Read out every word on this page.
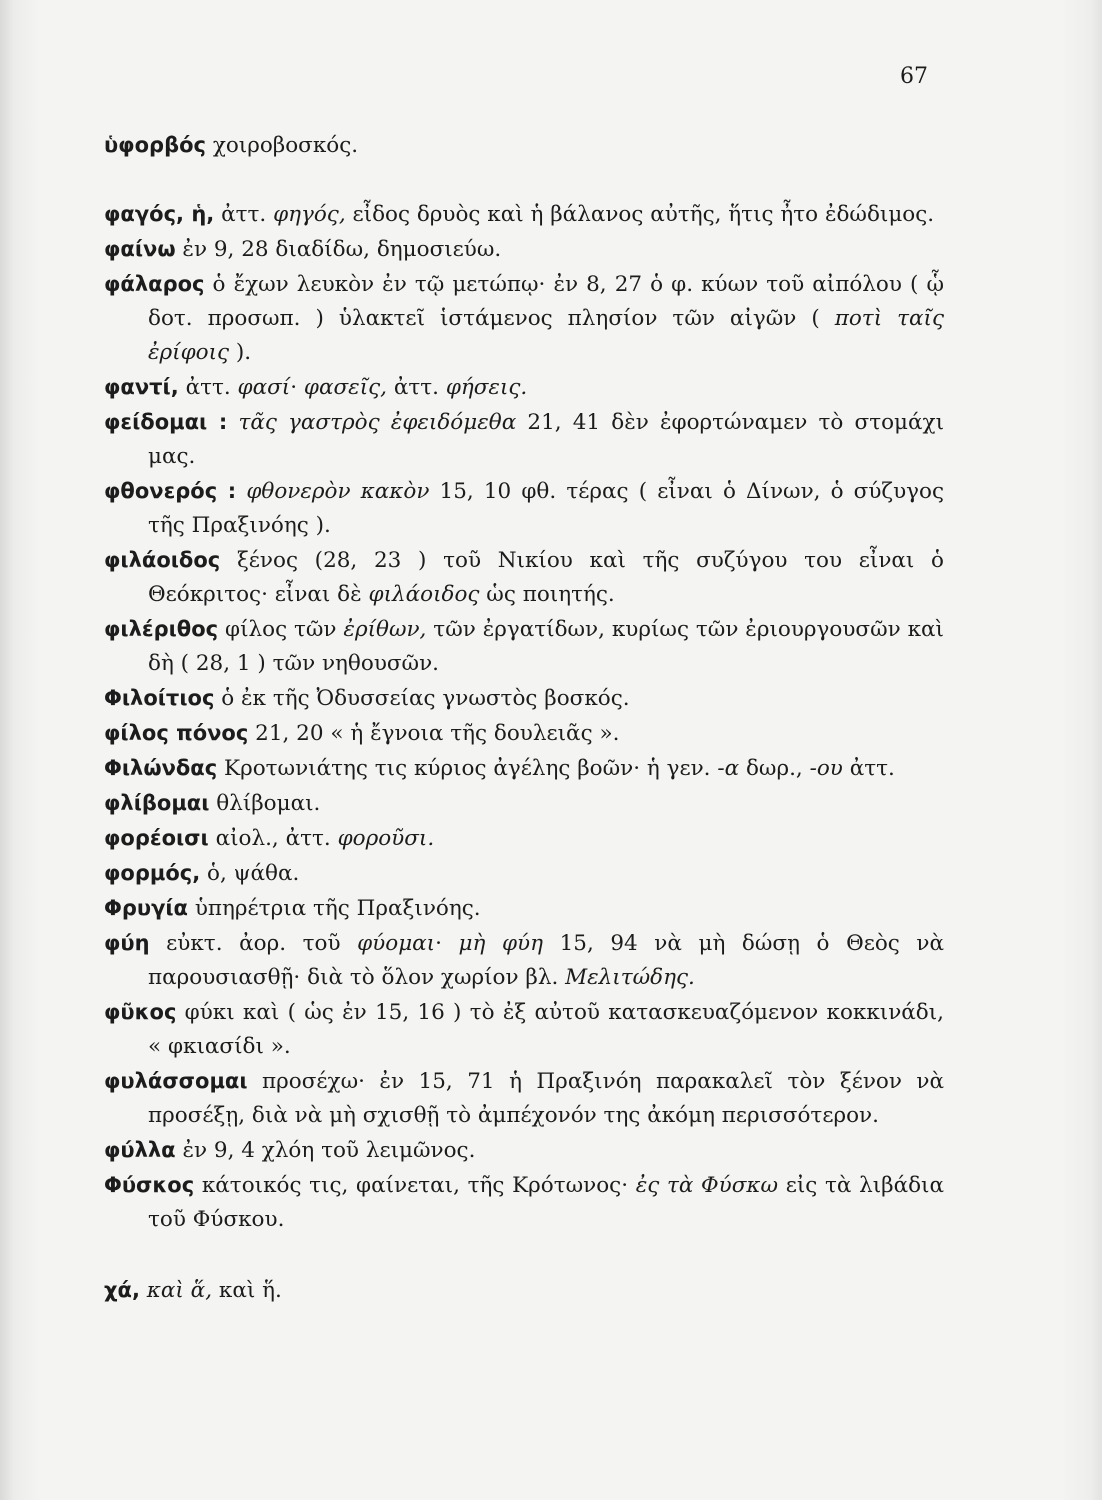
67

ὑφορβός χοιροβοσκός.

φαγός, ἡ, ἀττ. φηγός, εἶδος δρυὸς καὶ ἡ βάλανος αὐτῆς, ἥτις ἦτο ἐδώδιμος.

φαίνω ἐν 9, 28 διαδίδω, δημοσιεύω.

φάλαρος ὁ ἔχων λευκὸν ἐν τῷ μετώπῳ· ἐν 8, 27 ὁ φ. κύων τοῦ αἰπόλου ( ᾧ δοτ. προσωπ. ) ὑλακτεῖ ἱστάμενος πλησίον τῶν αἰγῶν ( ποτὶ ταῖς ἐρίφοις ).

φαντί, ἀττ. φασί· φασεῖς, ἀττ. φήσεις.

φείδομαι : τᾶς γαστρὸς ἐφειδόμεθα 21, 41 δὲν ἐφορτώναμεν τὸ στομάχι μας.

φθονερός : φθονερὸν κακὸν 15, 10 φθ. τέρας ( εἶναι ὁ Δίνων, ὁ σύζυγος τῆς Πραξινόης ).

φιλάοιδος ξένος (28, 23 ) τοῦ Νικίου καὶ τῆς συζύγου του εἶναι ὁ Θεόκριτος· εἶναι δὲ φιλάοιδος ὡς ποιητής.

φιλέριθος φίλος τῶν ἐρίθων, τῶν ἐργατίδων, κυρίως τῶν ἐριουργουσῶν καὶ δὴ ( 28, 1 ) τῶν νηθουσῶν.

Φιλοίτιος ὁ ἐκ τῆς Ὀδυσσείας γνωστὸς βοσκός.

φίλος πόνος 21, 20 « ἡ ἔγνοια τῆς δουλειᾶς ».

Φιλώνδας Κροτωνιάτης τις κύριος ἀγέλης βοῶν· ἡ γεν. -α δωρ., -ου ἀττ.

φλίβομαι θλίβομαι.

φορέοισι αἰολ., ἀττ. φοροῦσι.

φορμός, ὁ, ψάθα.

Φρυγία ὑπηρέτρια τῆς Πραξινόης.

φύη εὐκτ. ἀορ. τοῦ φύομαι· μὴ φύη 15, 94 νὰ μὴ δώσῃ ὁ Θεὸς νὰ παρουσιασθῇ· διὰ τὸ ὅλον χωρίον βλ. Μελιτώδης.

φῦκος φύκι καὶ ( ὡς ἐν 15, 16 ) τὸ ἐξ αὐτοῦ κατασκευαζόμενον κοκκινάδι, « φκιασίδι ».

φυλάσσομαι προσέχω· ἐν 15, 71 ἡ Πραξινόη παρακαλεῖ τὸν ξένον νὰ προσέξῃ, διὰ νὰ μὴ σχισθῇ τὸ ἀμπέχονόν της ἀκόμη περισσότερον.

φύλλα ἐν 9, 4 χλόη τοῦ λειμῶνος.

Φύσκος κάτοικός τις, φαίνεται, τῆς Κρότωνος· ἐς τὰ Φύσκω εἰς τὰ λιβάδια τοῦ Φύσκου.

χά, καὶ ἅ, καὶ ἥ.
